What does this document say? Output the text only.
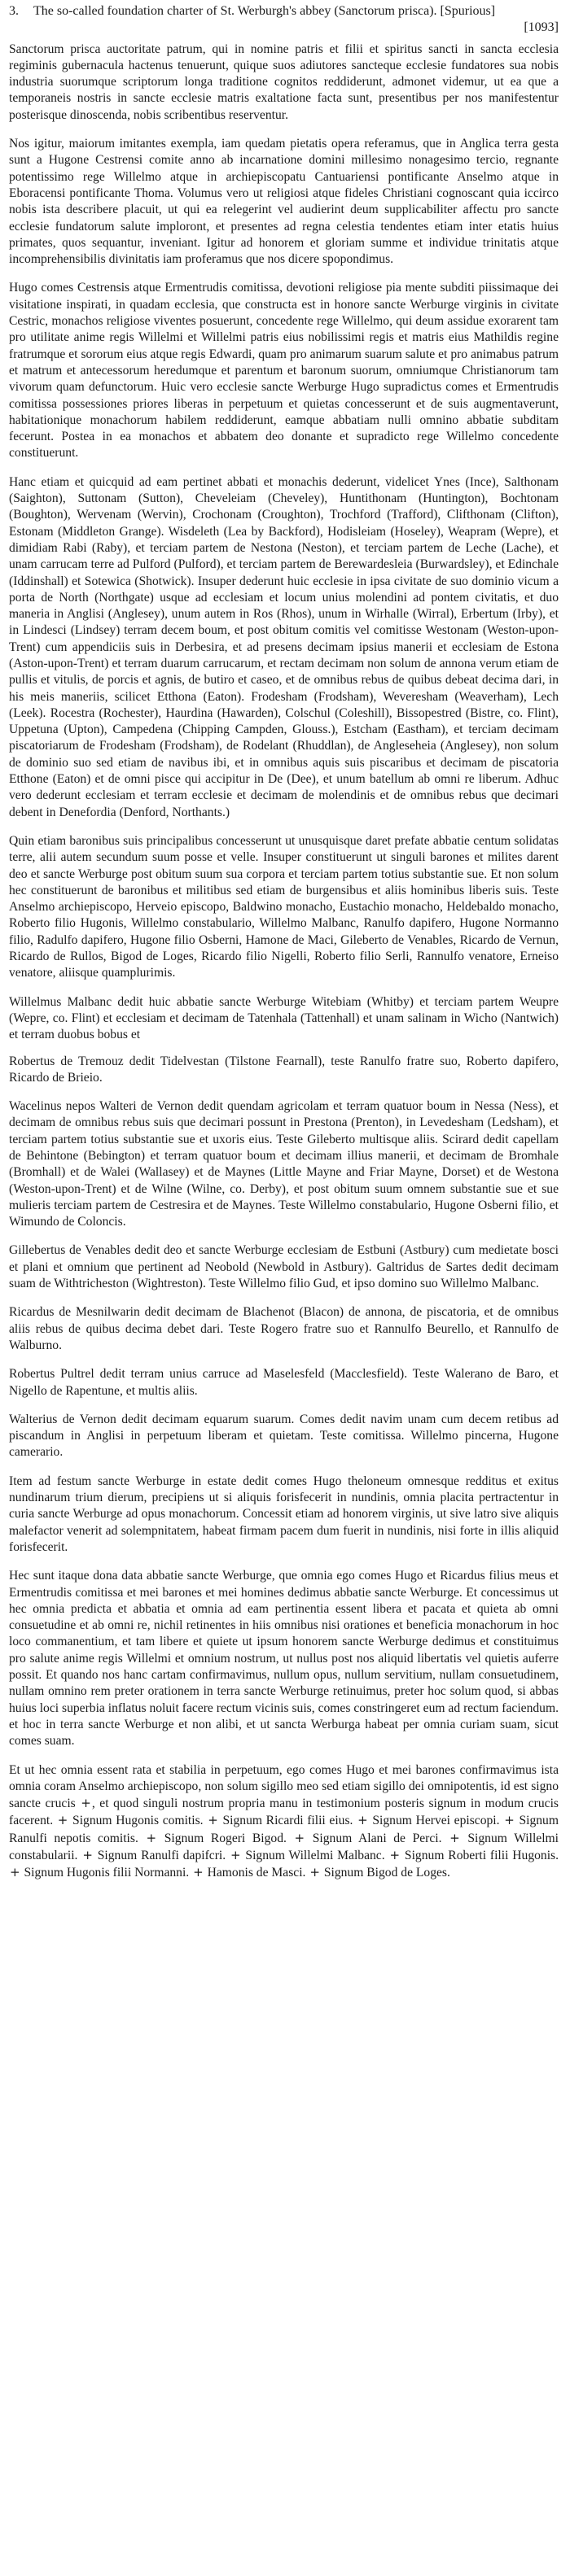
3.	The so-called foundation charter of St. Werburgh's abbey (Sanctorum prisca). [Spurious]
[1093]

Sanctorum prisca auctoritate patrum, qui in nomine patris et filii et spiritus sancti in sancta ecclesia regiminis gubernacula hactenus tenuerunt, quique suos adiutores sancteque ecclesie fundatores sua nobis industria suorumque scriptorum longa traditione cognitos reddiderunt, admonet videmur, ut ea que a temporaneis nostris in sancte ecclesie matris exaltatione facta sunt, presentibus per nos manifestentur posterisque dinoscenda, nobis scribentibus reserventur.

Nos igitur, maiorum imitantes exempla, iam quedam pietatis opera referamus, que in Anglica terra gesta sunt a Hugone Cestrensi comite anno ab incarnatione domini millesimo nonagesimo tercio, regnante potentissimo rege Willelmo atque in archiepiscopatu Cantuariensi pontificante Anselmo atque in Eboracensi pontificante Thoma. Volumus vero ut religiosi atque fideles Christiani cognoscant quia iccirco nobis ista describere placuit, ut qui ea relegerint vel audierint deum supplicabiliter affectu pro sancte ecclesie fundatorum salute imploront, et presentes ad regna celestia tendentes etiam inter etatis huius primates, quos sequantur, inveniant. Igitur ad honorem et gloriam summe et individue trinitatis atque incomprehensibilis divinitatis iam proferamus que nos dicere spopondimus.

Hugo comes Cestrensis atque Ermentrudis comitissa, devotioni religiose pia mente subditi piissimaque dei visitatione inspirati, in quadam ecclesia, que constructa est in honore sancte Werburge virginis in civitate Cestric, monachos religiose viventes posuerunt, concedente rege Willelmo, qui deum assidue exorarent tam pro utilitate anime regis Willelmi et Willelmi patris eius nobilissimi regis et matris eius Mathildis regine fratrumque et sororum eius atque regis Edwardi, quam pro animarum suarum salute et pro animabus patrum et matrum et antecessorum heredumque et parentum et baronum suorum, omniumque Christianorum tam vivorum quam defunctorum. Huic vero ecclesie sancte Werburge Hugo supradictus comes et Ermentrudis comitissa possessiones priores liberas in perpetuum et quietas concesserunt et de suis augmentaverunt, habitationique monachorum habilem reddiderunt, eamque abbatiam nulli omnino abbatie subditam fecerunt. Postea in ea monachos et abbatem deo donante et supradicto rege Willelmo concedente constituerunt.

Hanc etiam et quicquid ad eam pertinet abbati et monachis dederunt, videlicet Ynes (Ince), Salthonam (Saighton), Suttonam (Sutton), Cheveleiam (Cheveley), Huntithonam (Huntington), Bochtonam (Boughton), Wervenam (Wervin), Crochonam (Croughton), Trochford (Trafford), Clifthonam (Clifton), Estonam (Middleton Grange). Wisdeleth (Lea by Backford), Hodisleiam (Hoseley), Weapram (Wepre), et dimidiam Rabi (Raby), et terciam partem de Nestona (Neston), et terciam partem de Leche (Lache), et unam carrucam terre ad Pulford (Pulford), et terciam partem de Berewardesleia (Burwardsley), et Edinchale (Iddinshall) et Sotewica (Shotwick). Insuper dederunt huic ecclesie in ipsa civitate de suo dominio vicum a porta de North (Northgate) usque ad ecclesiam et locum unius molendini ad pontem civitatis, et duo maneria in Anglisi (Anglesey), unum autem in Ros (Rhos), unum in Wirhalle (Wirral), Erbertum (Irby), et in Lindesci (Lindsey) terram decem boum, et post obitum comitis vel comitisse Westonam (Weston-upon-Trent) cum appendiciis suis in Derbesira, et ad presens decimam ipsius manerii et ecclesiam de Estona (Aston-upon-Trent) et terram duarum carrucarum, et rectam decimam non solum de annona verum etiam de pullis et vitulis, de porcis et agnis, de butiro et caseo, et de omnibus rebus de quibus debeat decima dari, in his meis maneriis, scilicet Etthona (Eaton). Frodesham (Frodsham), Weveresham (Weaverham), Lech (Leek). Rocestra (Rochester), Haurdina (Hawarden), Colschul (Coleshill), Bissopestred (Bistre, co. Flint), Uppetuna (Upton), Campedena (Chipping Campden, Glouss.), Estcham (Eastham), et terciam decimam piscatoriarum de Frodesham (Frodsham), de Rodelant (Rhuddlan), de Angleseheia (Anglesey), non solum de dominio suo sed etiam de navibus ibi, et in omnibus aquis suis piscaribus et decimam de piscatoria Etthone (Eaton) et de omni pisce qui accipitur in De (Dee), et unum batellum ab omni re liberum. Adhuc vero dederunt ecclesiam et terram ecclesie et decimam de molendinis et de omnibus rebus que decimari debent in Denefordia (Denford, Northants.)

Quin etiam baronibus suis principalibus concesserunt ut unusquisque daret prefate abbatie centum solidatas terre, alii autem secundum suum posse et velle. Insuper constituerunt ut singuli barones et milites darent deo et sancte Werburge post obitum suum sua corpora et terciam partem totius substantie sue. Et non solum hec constituerunt de baronibus et militibus sed etiam de burgensibus et aliis hominibus liberis suis. Teste Anselmo archiepiscopo, Herveio episcopo, Baldwino monacho, Eustachio monacho, Heldebaldo monacho, Roberto filio Hugonis, Willelmo constabulario, Willelmo Malbanc, Ranulfo dapifero, Hugone Normanno filio, Radulfo dapifero, Hugone filio Osberni, Hamone de Maci, Gileberto de Venables, Ricardo de Vernun, Ricardo de Rullos, Bigod de Loges, Ricardo filio Nigelli, Roberto filio Serli, Rannulfo venatore, Erneiso venatore, aliisque quamplurimis.

Willelmus Malbanc dedit huic abbatie sancte Werburge Witebiam (Whitby) et terciam partem Weupre (Wepre, co. Flint) et ecclesiam et decimam de Tatenhala (Tattenhall) et unam salinam in Wicho (Nantwich) et terram duobus bobus et

Robertus de Tremouz dedit Tidelvestan (Tilstone Fearnall), teste Ranulfo fratre suo, Roberto dapifero, Ricardo de Brieio.

Wacelinus nepos Walteri de Vernon dedit quendam agricolam et terram quatuor boum in Nessa (Ness), et decimam de omnibus rebus suis que decimari possunt in Prestona (Prenton), in Levedesham (Ledsham), et terciam partem totius substantie sue et uxoris eius. Teste Gileberto multisque aliis. Scirard dedit capellam de Behintone (Bebington) et terram quatuor boum et decimam illius manerii, et decimam de Bromhale (Bromhall) et de Walei (Wallasey) et de Maynes (Little Mayne and Friar Mayne, Dorset) et de Westona (Weston-upon-Trent) et de Wilne (Wilne, co. Derby), et post obitum suum omnem substantie sue et sue mulieris terciam partem de Cestresira et de Maynes. Teste Willelmo constabulario, Hugone Osberni filio, et Wimundo de Coloncis.

Gillebertus de Venables dedit deo et sancte Werburge ecclesiam de Estbuni (Astbury) cum medietate bosci et plani et omnium que pertinent ad Neobold (Newbold in Astbury). Galtridus de Sartes dedit decimam suam de Withtricheston (Wightreston). Teste Willelmo filio Gud, et ipso domino suo Willelmo Malbanc.

Ricardus de Mesnilwarin dedit decimam de Blachenot (Blacon) de annona, de piscatoria, et de omnibus aliis rebus de quibus decima debet dari. Teste Rogero fratre suo et Rannulfo Beurello, et Rannulfo de Walburno.

Robertus Pultrel dedit terram unius carruce ad Maselesfeld (Macclesfield). Teste Walerano de Baro, et Nigello de Rapentune, et multis aliis.

Walterius de Vernon dedit decimam equarum suarum. Comes dedit navim unam cum decem retibus ad piscandum in Anglisi in perpetuum liberam et quietam. Teste comitissa. Willelmo pincerna, Hugone camerario.

Item ad festum sancte Werburge in estate dedit comes Hugo theloneum omnesque redditus et exitus nundinarum trium dierum, precipiens ut si aliquis forisfecerit in nundinis, omnia placita pertractentur in curia sancte Werburge ad opus monachorum. Concessit etiam ad honorem virginis, ut sive latro sive aliquis malefactor venerit ad solempnitatem, habeat firmam pacem dum fuerit in nundinis, nisi forte in illis aliquid forisfecerit.

Hec sunt itaque dona data abbatie sancte Werburge, que omnia ego comes Hugo et Ricardus filius meus et Ermentrudis comitissa et mei barones et mei homines dedimus abbatie sancte Werburge. Et concessimus ut hec omnia predicta et abbatia et omnia ad eam pertinentia essent libera et pacata et quieta ab omni consuetudine et ab omni re, nichil retinentes in hiis omnibus nisi orationes et beneficia monachorum in hoc loco commanentium, et tam libere et quiete ut ipsum honorem sancte Werburge dedimus et constituimus pro salute anime regis Willelmi et omnium nostrum, ut nullus post nos aliquid libertatis vel quietis auferre possit. Et quando nos hanc cartam confirmavimus, nullum opus, nullum servitium, nullam consuetudinem, nullam omnino rem preter orationem in terra sancte Werburge retinuimus, preter hoc solum quod, si abbas huius loci superbia inflatus noluit facere rectum vicinis suis, comes constringeret eum ad rectum faciendum. et hoc in terra sancte Werburge et non alibi, et ut sancta Werburga habeat per omnia curiam suam, sicut comes suam.

Et ut hec omnia essent rata et stabilia in perpetuum, ego comes Hugo et mei barones confirmavimus ista omnia coram Anselmo archiepiscopo, non solum sigillo meo sed etiam sigillo dei omnipotentis, id est signo sancte crucis +, et quod singuli nostrum propria manu in testimonium posteris signum in modum crucis facerent. + Signum Hugonis comitis. + Signum Ricardi filii eius. + Signum Hervei episcopi. + Signum Ranulfi nepotis comitis. + Signum Rogeri Bigod. + Signum Alani de Perci. + Signum Willelmi constabularii. + Signum Ranulfi dapifcri. + Signum Willelmi Malbanc. + Signum Roberti filii Hugonis. + Signum Hugonis filii Normanni. + Hamonis de Masci. + Signum Bigod de Loges.
